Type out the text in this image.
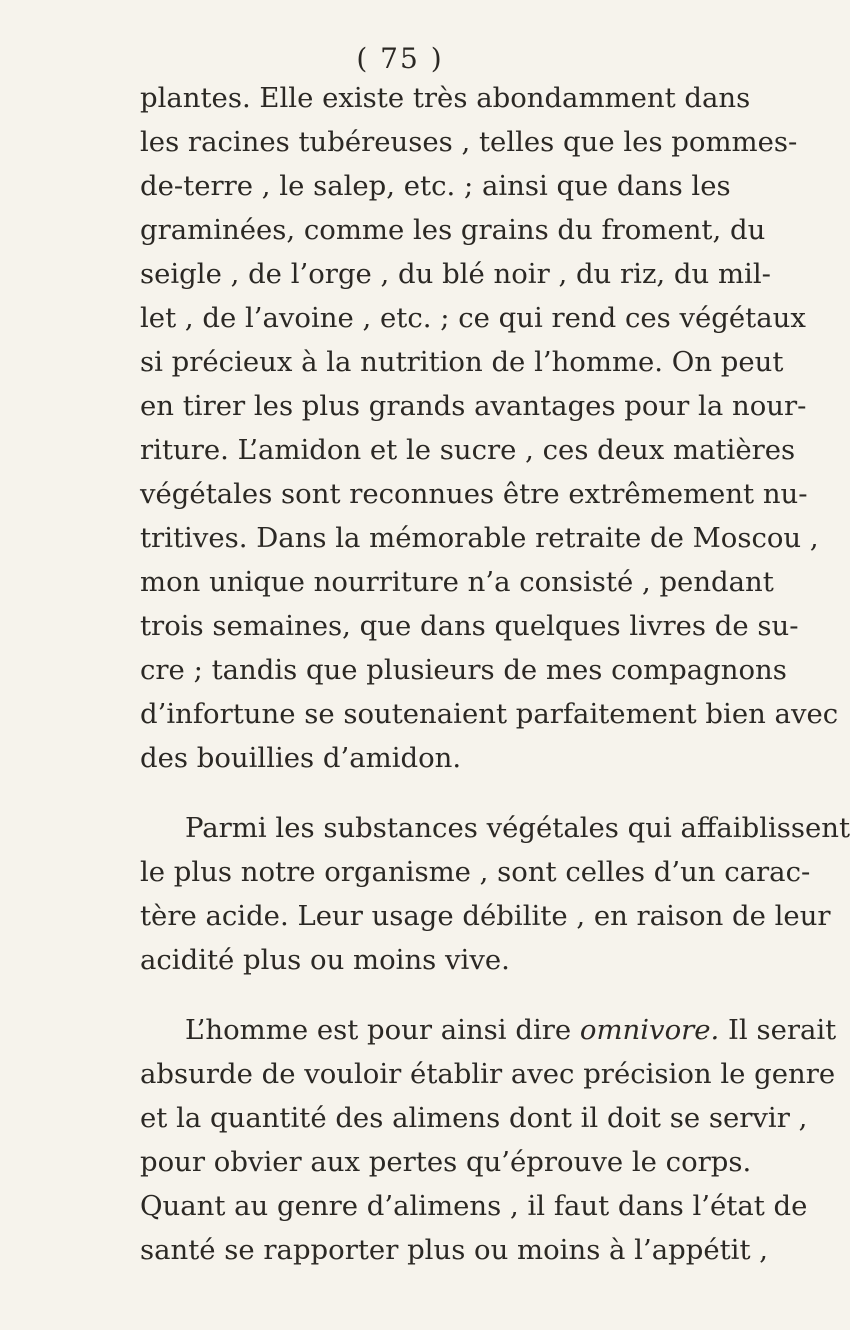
( 75 )
plantes. Elle existe très abondamment dans
les racines tubéreuses , telles que les pommes-
de-terre , le salep, etc. ; ainsi que dans les
graminées, comme les grains du froment, du
seigle , de l’orge , du blé noir , du riz, du mil-
let , de l’avoine , etc. ; ce qui rend ces végétaux
si précieux à la nutrition de l’homme. On peut
en tirer les plus grands avantages pour la nour-
riture. L’amidon et le sucre , ces deux matières
végétales sont reconnues être extrêmement nu-
tritives. Dans la mémorable retraite de Moscou ,
mon unique nourriture n’a consisté , pendant
trois semaines, que dans quelques livres de su-
cre ; tandis que plusieurs de mes compagnons
d’infortune se soutenaient parfaitement bien avec
des bouillies d’amidon.
Parmi les substances végétales qui affaiblissent
le plus notre organisme , sont celles d’un carac-
tère acide. Leur usage débilite , en raison de leur
acidité plus ou moins vive.
L’homme est pour ainsi dire omnivore. Il serait
absurde de vouloir établir avec précision le genre
et la quantité des alimens dont il doit se servir ,
pour obvier aux pertes qu’éprouve le corps.
Quant au genre d’alimens , il faut dans l’état de
santé se rapporter plus ou moins à l’appétit ,
